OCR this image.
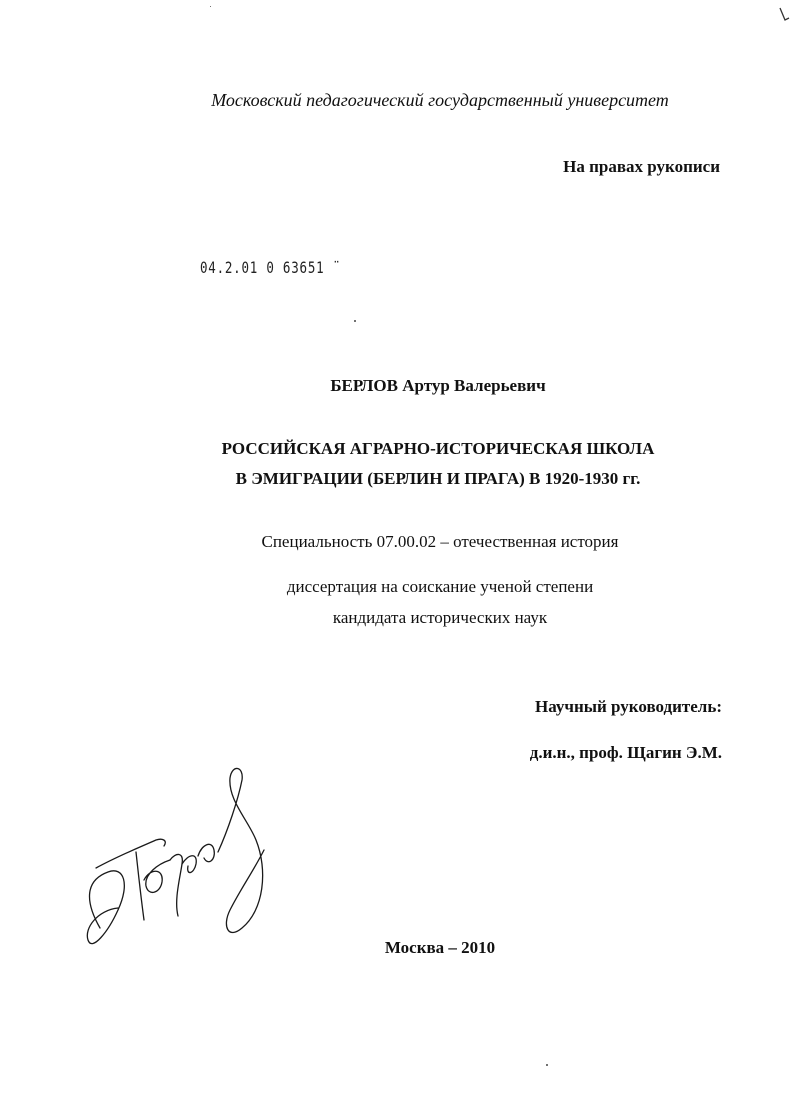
Московский педагогический государственный университет
На правах рукописи
04.2.01 0 63651 ¨
БЕРЛОВ Артур Валерьевич
РОССИЙСКАЯ АГРАРНО-ИСТОРИЧЕСКАЯ ШКОЛА
В ЭМИГРАЦИИ (БЕРЛИН И ПРАГА) В 1920-1930 гг.
Специальность 07.00.02 – отечественная история
диссертация на соискание ученой степени
кандидата исторических наук
Научный руководитель:
д.и.н., проф. Щагин Э.М.
Москва – 2010
